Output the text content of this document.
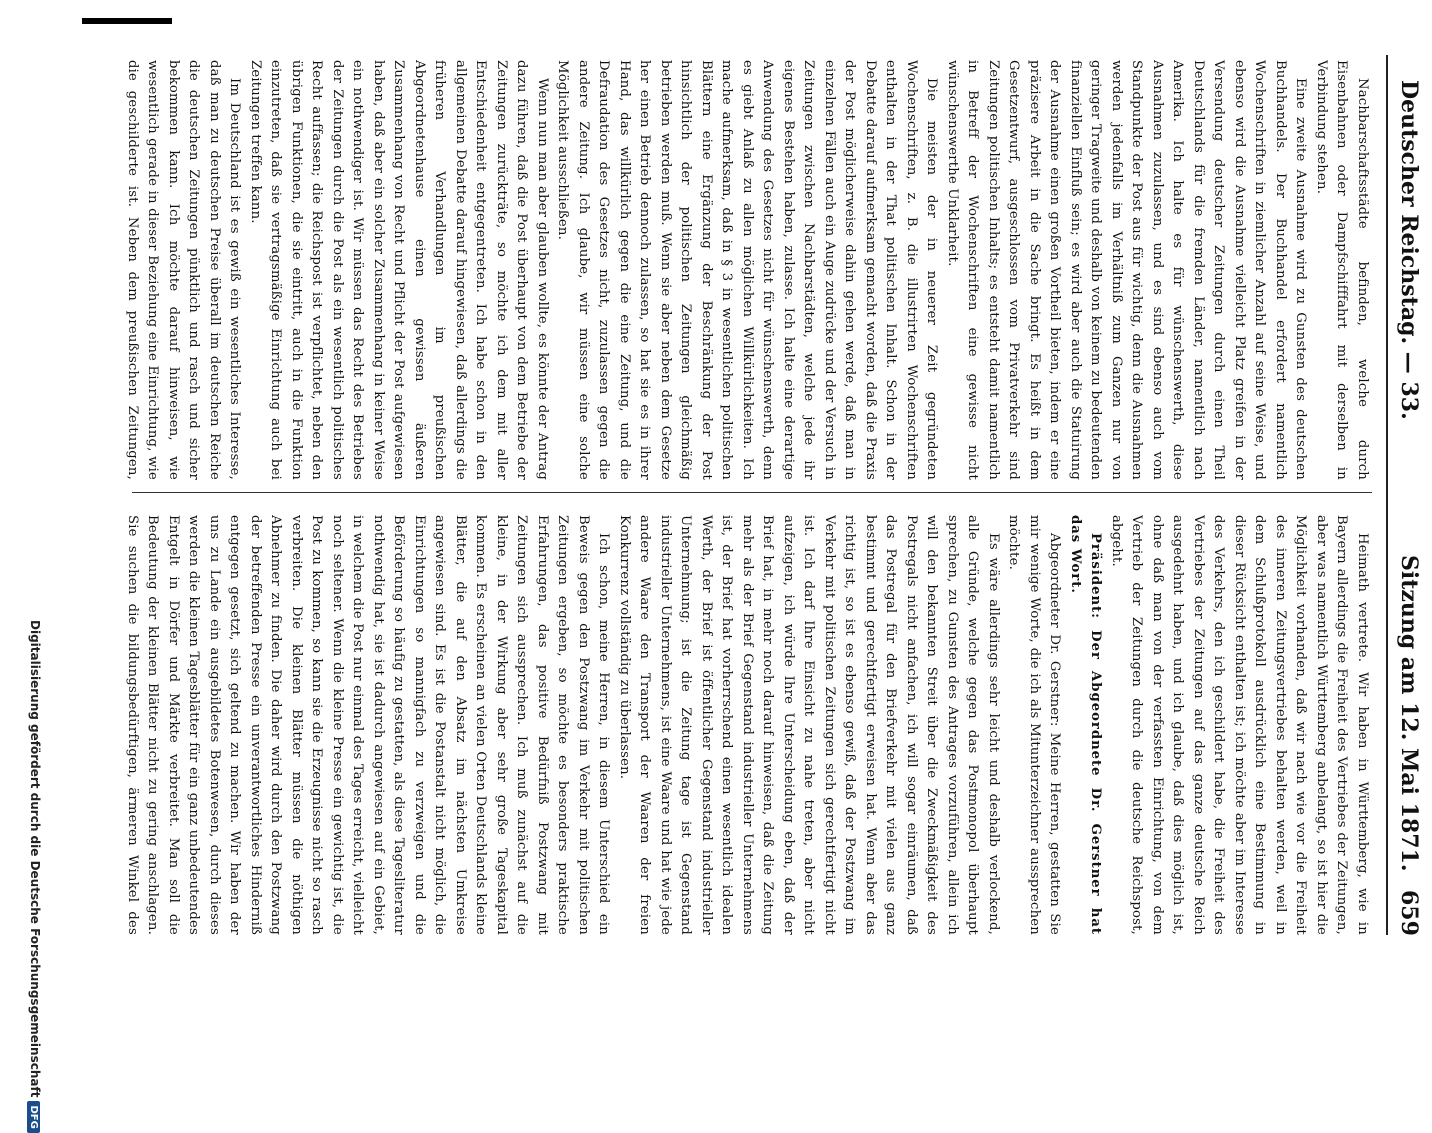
Deutscher Reichstag. — 33.
Sitzung am 12. Mai 1871.
659

Nachbarschaftsstädte befinden, welche durch Eisenbahnen oder Dampfschifffahrt mit derselben in Verbindung stehen.

Eine zweite Ausnahme wird zu Gunsten des deutschen Buchhandels. Der Buchhandel erfordert namentlich Wochenschriften in ziemlicher Anzahl auf seine Weise, und ebenso wird die Ausnahme vielleicht Platz greifen in der Versendung deutscher Zeitungen durch einen Theil Deutschlands für die fremden Länder, namentlich nach Amerika. Ich halte es für wünschenswerth, diese Ausnahmen zuzulassen, und es sind ebenso auch vom Standpunkte der Post aus für wichtig, denn die Ausnahmen werden jedenfalls im Verhältniß zum Ganzen nur von geringer Tragweite und deshalb von keinem zu bedeutenden finanziellen Einfluß sein; es wird aber auch die Statuirung der Ausnahme einen großen Vortheil bieten, indem er eine präzisere Arbeit in die Sache bringt. Es heißt in dem Gesetzentwurf, ausgeschlossen vom Privatverkehr sind Zeitungen politischen Inhalts; es entsteht damit namentlich in Betreff der Wochenschriften eine gewisse nicht wünschenswerthe Unklarheit.

Die meisten der in neuerer Zeit gegründeten Wochenschriften, z. B. die illustrirten Wochenschriften enthalten in der That politischen Inhalt. Schon in der Debatte darauf aufmerksam gemacht worden, daß die Praxis der Post möglicherweise dahin gehen werde, daß man in einzelnen Fällen auch ein Auge zudrücke und der Versuch in Zeitungen zwischen Nachbarstädten, welche jede ihr eigenes Bestehen haben, zulasse. Ich halte eine derartige Anwendung des Gesetzes nicht für wünschenswerth, denn es giebt Anlaß zu allen möglichen Willkürlichkeiten. Ich mache aufmerksam, daß in § 3 in wesentlichen politischen Blättern eine Ergänzung der Beschränkung der Post hinsichtlich der politischen Zeitungen gleichmäßig betrieben werden muß. Wenn sie aber neben dem Gesetze her einen Betrieb dennoch zulassen, so hat sie es in ihrer Hand, das willkürlich gegen die eine Zeitung, und die Defraudation des Gesetzes nicht, zuzulassen gegen die andere Zeitung. Ich glaube, wir müssen eine solche Möglichkeit ausschließen.

Wenn nun man aber glauben wollte, es könnte der Antrag dazu führen, daß die Post überhaupt von dem Betriebe der Zeitungen zurückträte, so möchte ich dem mit aller Entschiedenheit entgegentreten. Ich habe schon in den allgemeinen Debatte darauf hingewiesen, daß allerdings die früheren Verhandlungen im preußischen Abgeordnetenhause einen gewissen äußeren Zusammenhang von Recht und Pflicht der Post aufgewiesen haben, daß aber ein solcher Zusammenhang in keiner Weise ein nothwendiger ist. Wir müssen das Recht des Betriebes der Zeitungen durch die Post als ein wesentlich politisches Recht auffassen; die Reichspost ist verpflichtet, neben den übrigen Funktionen, die sie eintritt, auch in die Funktion einzutreten, daß sie vertragsmäßige Einrichtung auch bei Zeitungen treffen kann.

Im Deutschland ist es gewiß ein wesentliches Interesse, daß man zu deutschen Preise überall im deutschen Reiche die deutschen Zeitungen pünktlich und rasch und sicher bekommen kann. Ich möchte darauf hinweisen, wie wesentlich gerade in dieser Beziehung eine Einrichtung, wie die geschilderte ist. Neben dem preußischen Zeitungen,

Heimath vertrete. Wir haben in Württemberg, wie in Bayern allerdings die Freiheit des Vertriebes der Zeitungen, aber was namentlich Württemberg anbelangt, so ist hier die Möglichkeit vorhanden, daß wir nach wie vor die Freiheit des inneren Zeitungsvertriebes behalten werden, weil in dem Schlußprotokoll ausdrücklich eine Bestimmung in dieser Rücksicht enthalten ist; ich möchte aber im Interesse des Verkehrs, den ich geschildert habe, die Freiheit des Vertriebes der Zeitungen auf das ganze deutsche Reich ausgedehnt haben, und ich glaube, daß dies möglich ist, ohne daß man von der verfassten Einrichtung, von dem Vertrieb der Zeitungen durch die deutsche Reichspost, abgeht.

Präsident: Der Abgeordnete Dr. Gerstner hat das Wort.

Abgeordneter Dr. Gerstner: Meine Herren, gestatten Sie mir wenige Worte, die ich als Mitunterzeichner aussprechen möchte.

Es wäre allerdings sehr leicht und deshalb verlockend, alle Gründe, welche gegen das Postmonopol überhaupt sprechen, zu Gunsten des Antrages vorzuführen, allein ich will den bekannten Streit über die Zweckmäßigkeit des Postregals nicht anfachen, ich will sogar einräumen, daß das Postregal für den Briefverkehr mit vielen aus ganz bestimmt und gerechtfertigt erweisen hat. Wenn aber das richtig ist, so ist es ebenso gewiß, daß der Postzwang im Verkehr mit politischen Zeitungen sich gerechtfertigt nicht ist. Ich darf Ihre Einsicht zu nahe treten, aber nicht aufzeigen, ich würde Ihre Unterscheidung eben, daß der Brief hat, in mehr noch darauf hinweisen, daß die Zeitung mehr als der Brief Gegenstand industrieller Unternehmens ist, der Brief hat vorherrschend einen wesentlich idealen Werth, der Brief ist öffentlicher Gegenstand industrieller Unternehmung; ist die Zeitung tage ist Gegenstand industrieller Unternehmens, ist eine Waare und hat wie jede andere Waare den Transport der Waaren der freien Konkurrenz vollständig zu überlassen.

Ich schon, meine Herren, in diesem Unterschied ein Beweis gegen den Postzwang im Verkehr mit politischen Zeitungen ergeben, so möchte es besonders praktische Erfahrungen, das positive Bedürfniß Postzwang mit Zeitungen sich aussprechen. Ich muß zunächst auf die kleine, in der Wirkung aber sehr große Tageskapital kommen. Es erscheinen an vielen Orten Deutschlands kleine Blätter, die auf den Absatz im nächsten Umkreise angewiesen sind. Es ist die Postanstalt nicht möglich, die Einrichtungen so mannigfach zu verzweigen und die Beförderung so häufig zu gestatten, als diese Tagesliteratur nothwendig hat, sie ist dadurch angewiesen auf ein Gebiet, in welchem die Post nur einmal des Tages erreicht, vielleicht noch seltener. Wenn die kleine Presse ein gewichtig ist, die Post zu kommen, so kann sie die Erzeugnisse nicht so rasch verbreiten. Die kleinen Blätter müssen die nöthigen Abnehmer zu finden. Die daher wird durch den Postzwang der betreffenden Presse ein unverantwortliches Hinderniß entgegen gesetzt, sich geltend zu machen. Wir haben der uns zu Lande ein ausgebildetes Botenwesen, durch dieses werden die kleinen Tagesblätter für ein ganz unbedeutendes Entgelt in Dörfer und Märkte verbreitet. Man soll die Bedeutung der kleinen Blätter nicht zu gering anschlagen. Sie suchen die bildungsbedürftigen, ärmeren Winkel des

Digitalisierung gefördert durch die Deutsche ForschungsgemeinschaftDFG
